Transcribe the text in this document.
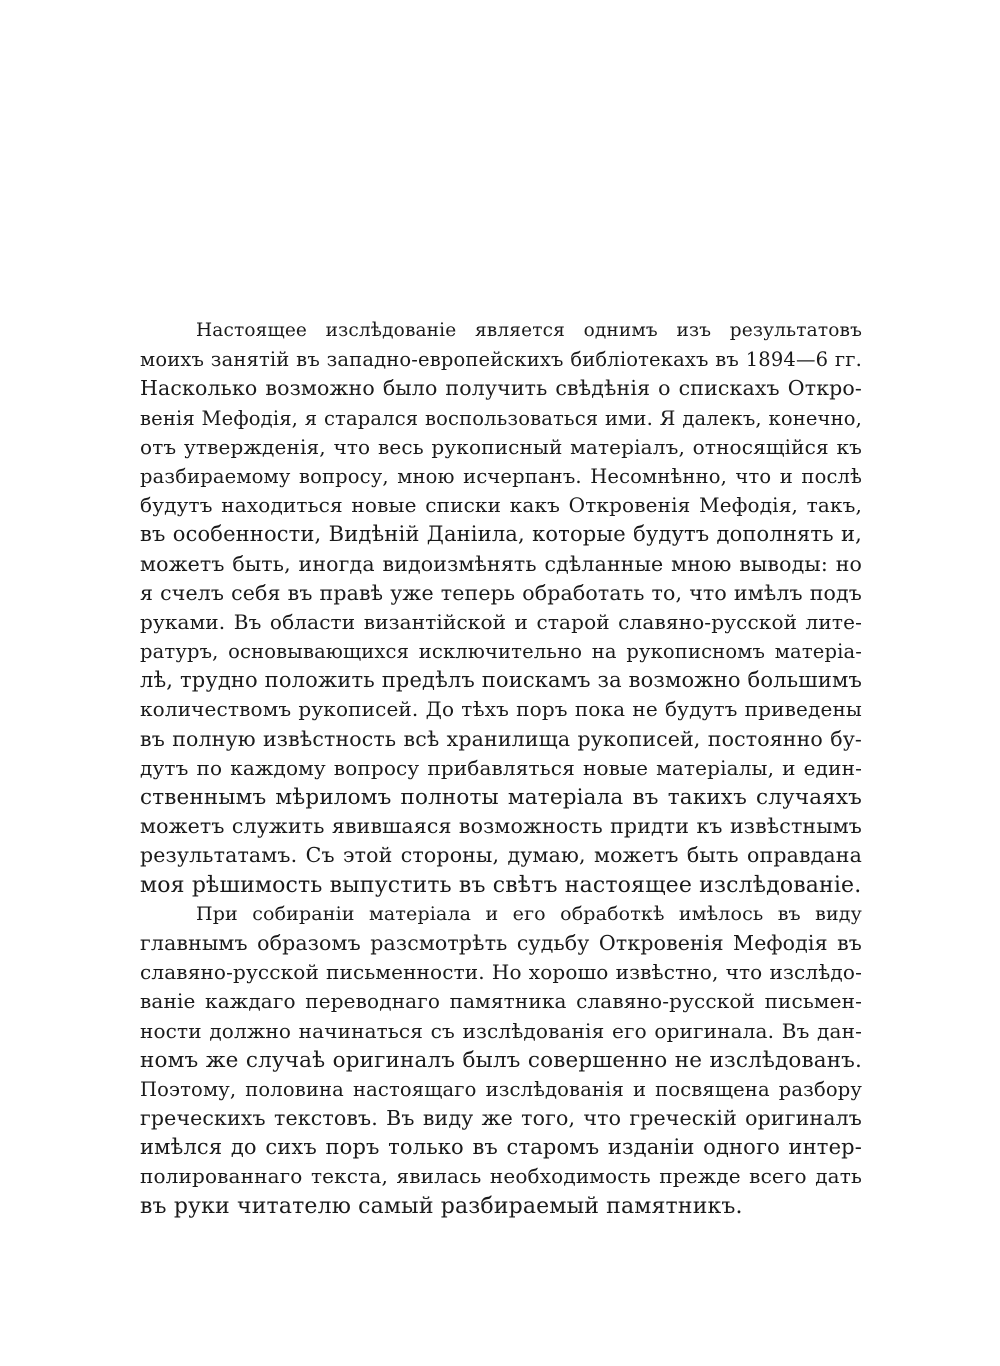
Настоящее изслѣдованіе является однимъ изъ результатовъ
моихъ занятій въ западно-европейскихъ библіотекахъ въ 1894—6 гг.
Насколько возможно было получить свѣдѣнія о спискахъ Откро-
венія Мефодія, я старался воспользоваться ими. Я далекъ, конечно,
отъ утвержденія, что весь рукописный матеріалъ, относящійся къ
разбираемому вопросу, мною исчерпанъ. Несомнѣнно, что и послѣ
будутъ находиться новые списки какъ Откровенія Мефодія, такъ,
въ особенности, Видѣній Даніила, которые будутъ дополнять и,
можетъ быть, иногда видоизмѣнять сдѣланные мною выводы: но
я счелъ себя въ правѣ уже теперь обработать то, что имѣлъ подъ
руками. Въ области византійской и старой славяно-русской лите-
ратуръ, основывающихся исключительно на рукописномъ матеріа-
лѣ, трудно положить предѣлъ поискамъ за возможно большимъ
количествомъ рукописей. До тѣхъ поръ пока не будутъ приведены
въ полную извѣстность всѣ хранилища рукописей, постоянно бу-
дутъ по каждому вопросу прибавляться новые матеріалы, и един-
ственнымъ мѣриломъ полноты матеріала въ такихъ случаяхъ
можетъ служить явившаяся возможность придти къ извѣстнымъ
результатамъ. Съ этой стороны, думаю, можетъ быть оправдана
моя рѣшимость выпустить въ свѣтъ настоящее изслѣдованіе.
При собираніи матеріала и его обработкѣ имѣлось въ виду
главнымъ образомъ разсмотрѣть судьбу Откровенія Мефодія въ
славяно-русской письменности. Но хорошо извѣстно, что изслѣдо-
ваніе каждаго переводнаго памятника славяно-русской письмен-
ности должно начинаться съ изслѣдованія его оригинала. Въ дан-
номъ же случаѣ оригиналъ былъ совершенно не изслѣдованъ.
Поэтому, половина настоящаго изслѣдованія и посвящена разбору
греческихъ текстовъ. Въ виду же того, что греческій оригиналъ
имѣлся до сихъ поръ только въ старомъ изданіи одного интер-
полированнаго текста, явилась необходимость прежде всего дать
въ руки читателю самый разбираемый памятникъ.
